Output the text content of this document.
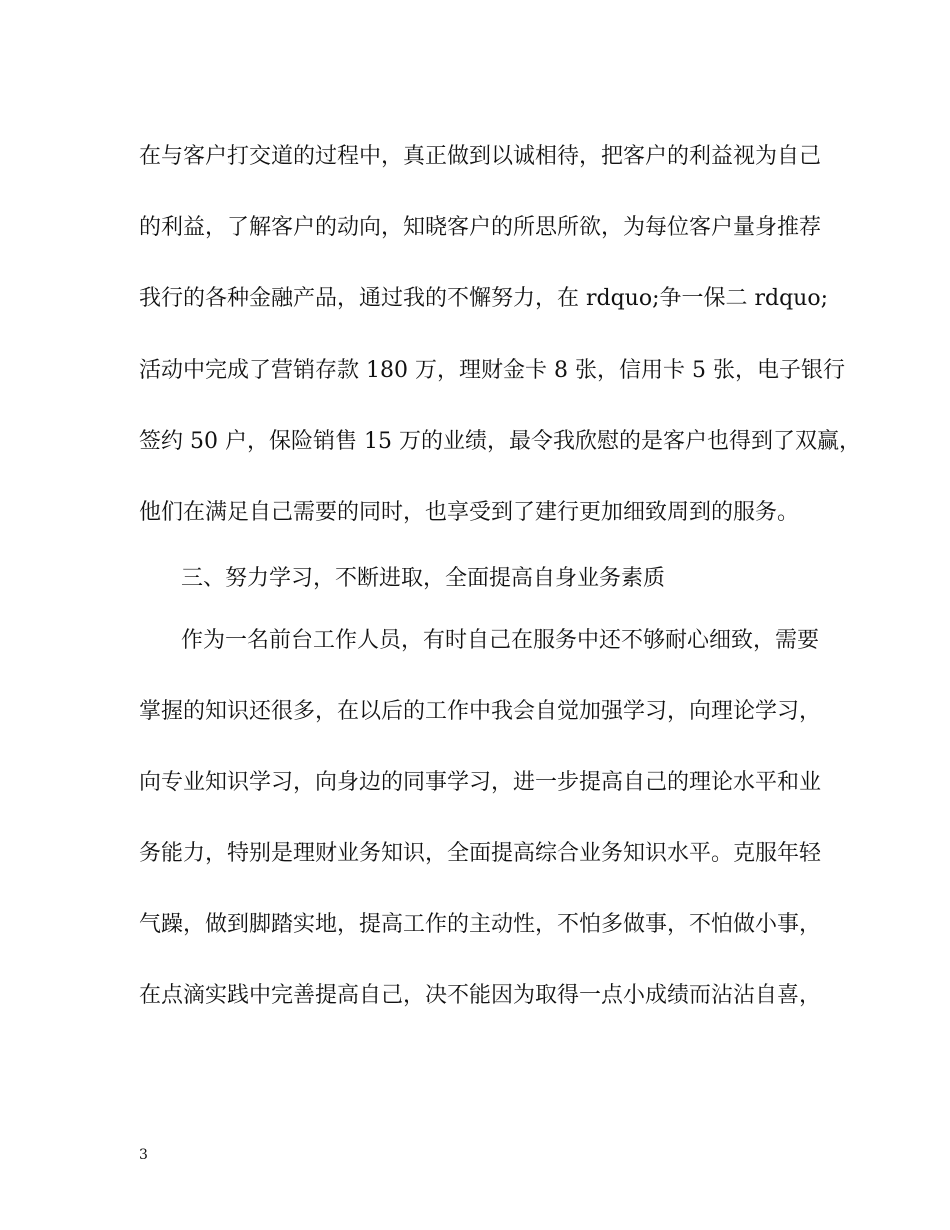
在与客户打交道的过程中，真正做到以诚相待，把客户的利益视为自己
的利益，了解客户的动向，知晓客户的所思所欲，为每位客户量身推荐
我行的各种金融产品，通过我的不懈努力，在 rdquo;争一保二 rdquo;
活动中完成了营销存款 180 万，理财金卡 8 张，信用卡 5 张，电子银行
签约 50 户，保险销售 15 万的业绩，最令我欣慰的是客户也得到了双赢，
他们在满足自己需要的同时，也享受到了建行更加细致周到的服务。
三、努力学习，不断进取，全面提高自身业务素质
作为一名前台工作人员，有时自己在服务中还不够耐心细致，需要
掌握的知识还很多，在以后的工作中我会自觉加强学习，向理论学习，
向专业知识学习，向身边的同事学习，进一步提高自己的理论水平和业
务能力，特别是理财业务知识，全面提高综合业务知识水平。克服年轻
气躁，做到脚踏实地，提高工作的主动性，不怕多做事，不怕做小事，
在点滴实践中完善提高自己，决不能因为取得一点小成绩而沾沾自喜，
3
